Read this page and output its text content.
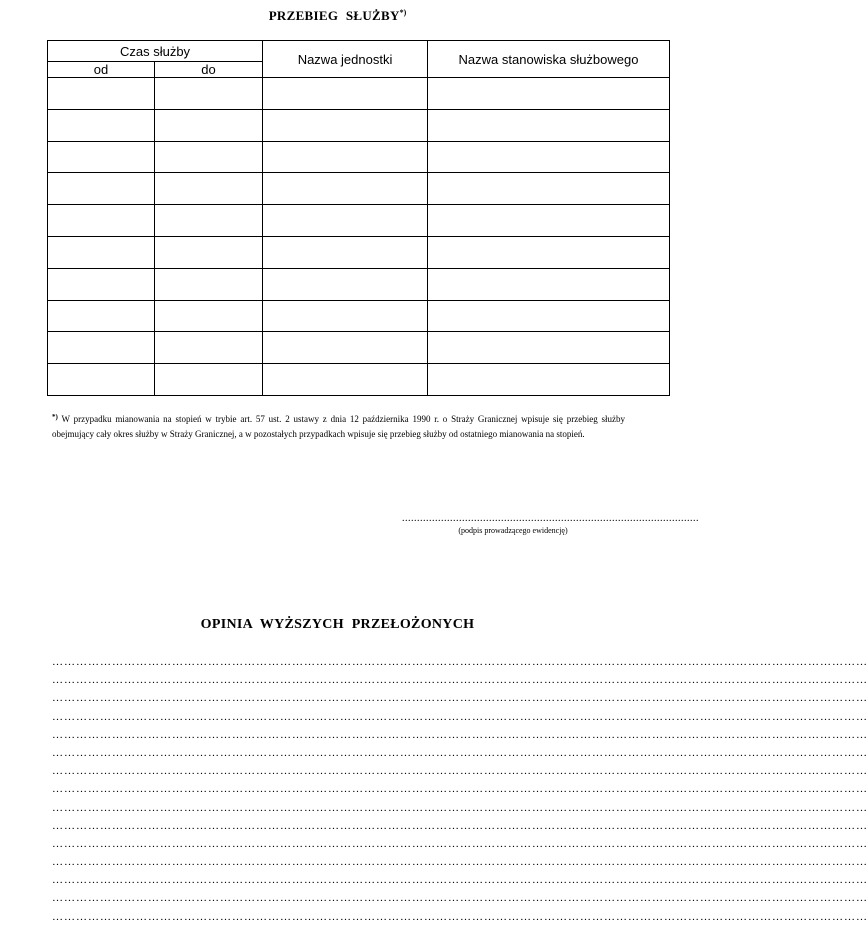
PRZEBIEG SŁUŻBY*)
Czas służby		Nazwa jednostki	Nazwa stanowiska służbowego
od	do		

*) W przypadku mianowania na stopień w trybie art. 57 ust. 2 ustawy z dnia 12 października 1990 r. o Straży Granicznej wpisuje się przebieg służby obejmujący cały okres służby w Straży Granicznej, a w pozostałych przypadkach wpisuje się przebieg służby od ostatniego mianowania na stopień.
...................................................................................................
(podpis prowadzącego ewidencję)
OPINIA WYŻSZYCH PRZEŁOŻONYCH
……………………………………………………………………………………………………………………………………………………………………………………
……………………………………………………………………………………………………………………………………………………………………………………
……………………………………………………………………………………………………………………………………………………………………………………
……………………………………………………………………………………………………………………………………………………………………………………
……………………………………………………………………………………………………………………………………………………………………………………
……………………………………………………………………………………………………………………………………………………………………………………
……………………………………………………………………………………………………………………………………………………………………………………
……………………………………………………………………………………………………………………………………………………………………………………
……………………………………………………………………………………………………………………………………………………………………………………
……………………………………………………………………………………………………………………………………………………………………………………
……………………………………………………………………………………………………………………………………………………………………………………
……………………………………………………………………………………………………………………………………………………………………………………
……………………………………………………………………………………………………………………………………………………………………………………
……………………………………………………………………………………………………………………………………………………………………………………
……………………………………………………………………………………………………………………………………………………………………………………
